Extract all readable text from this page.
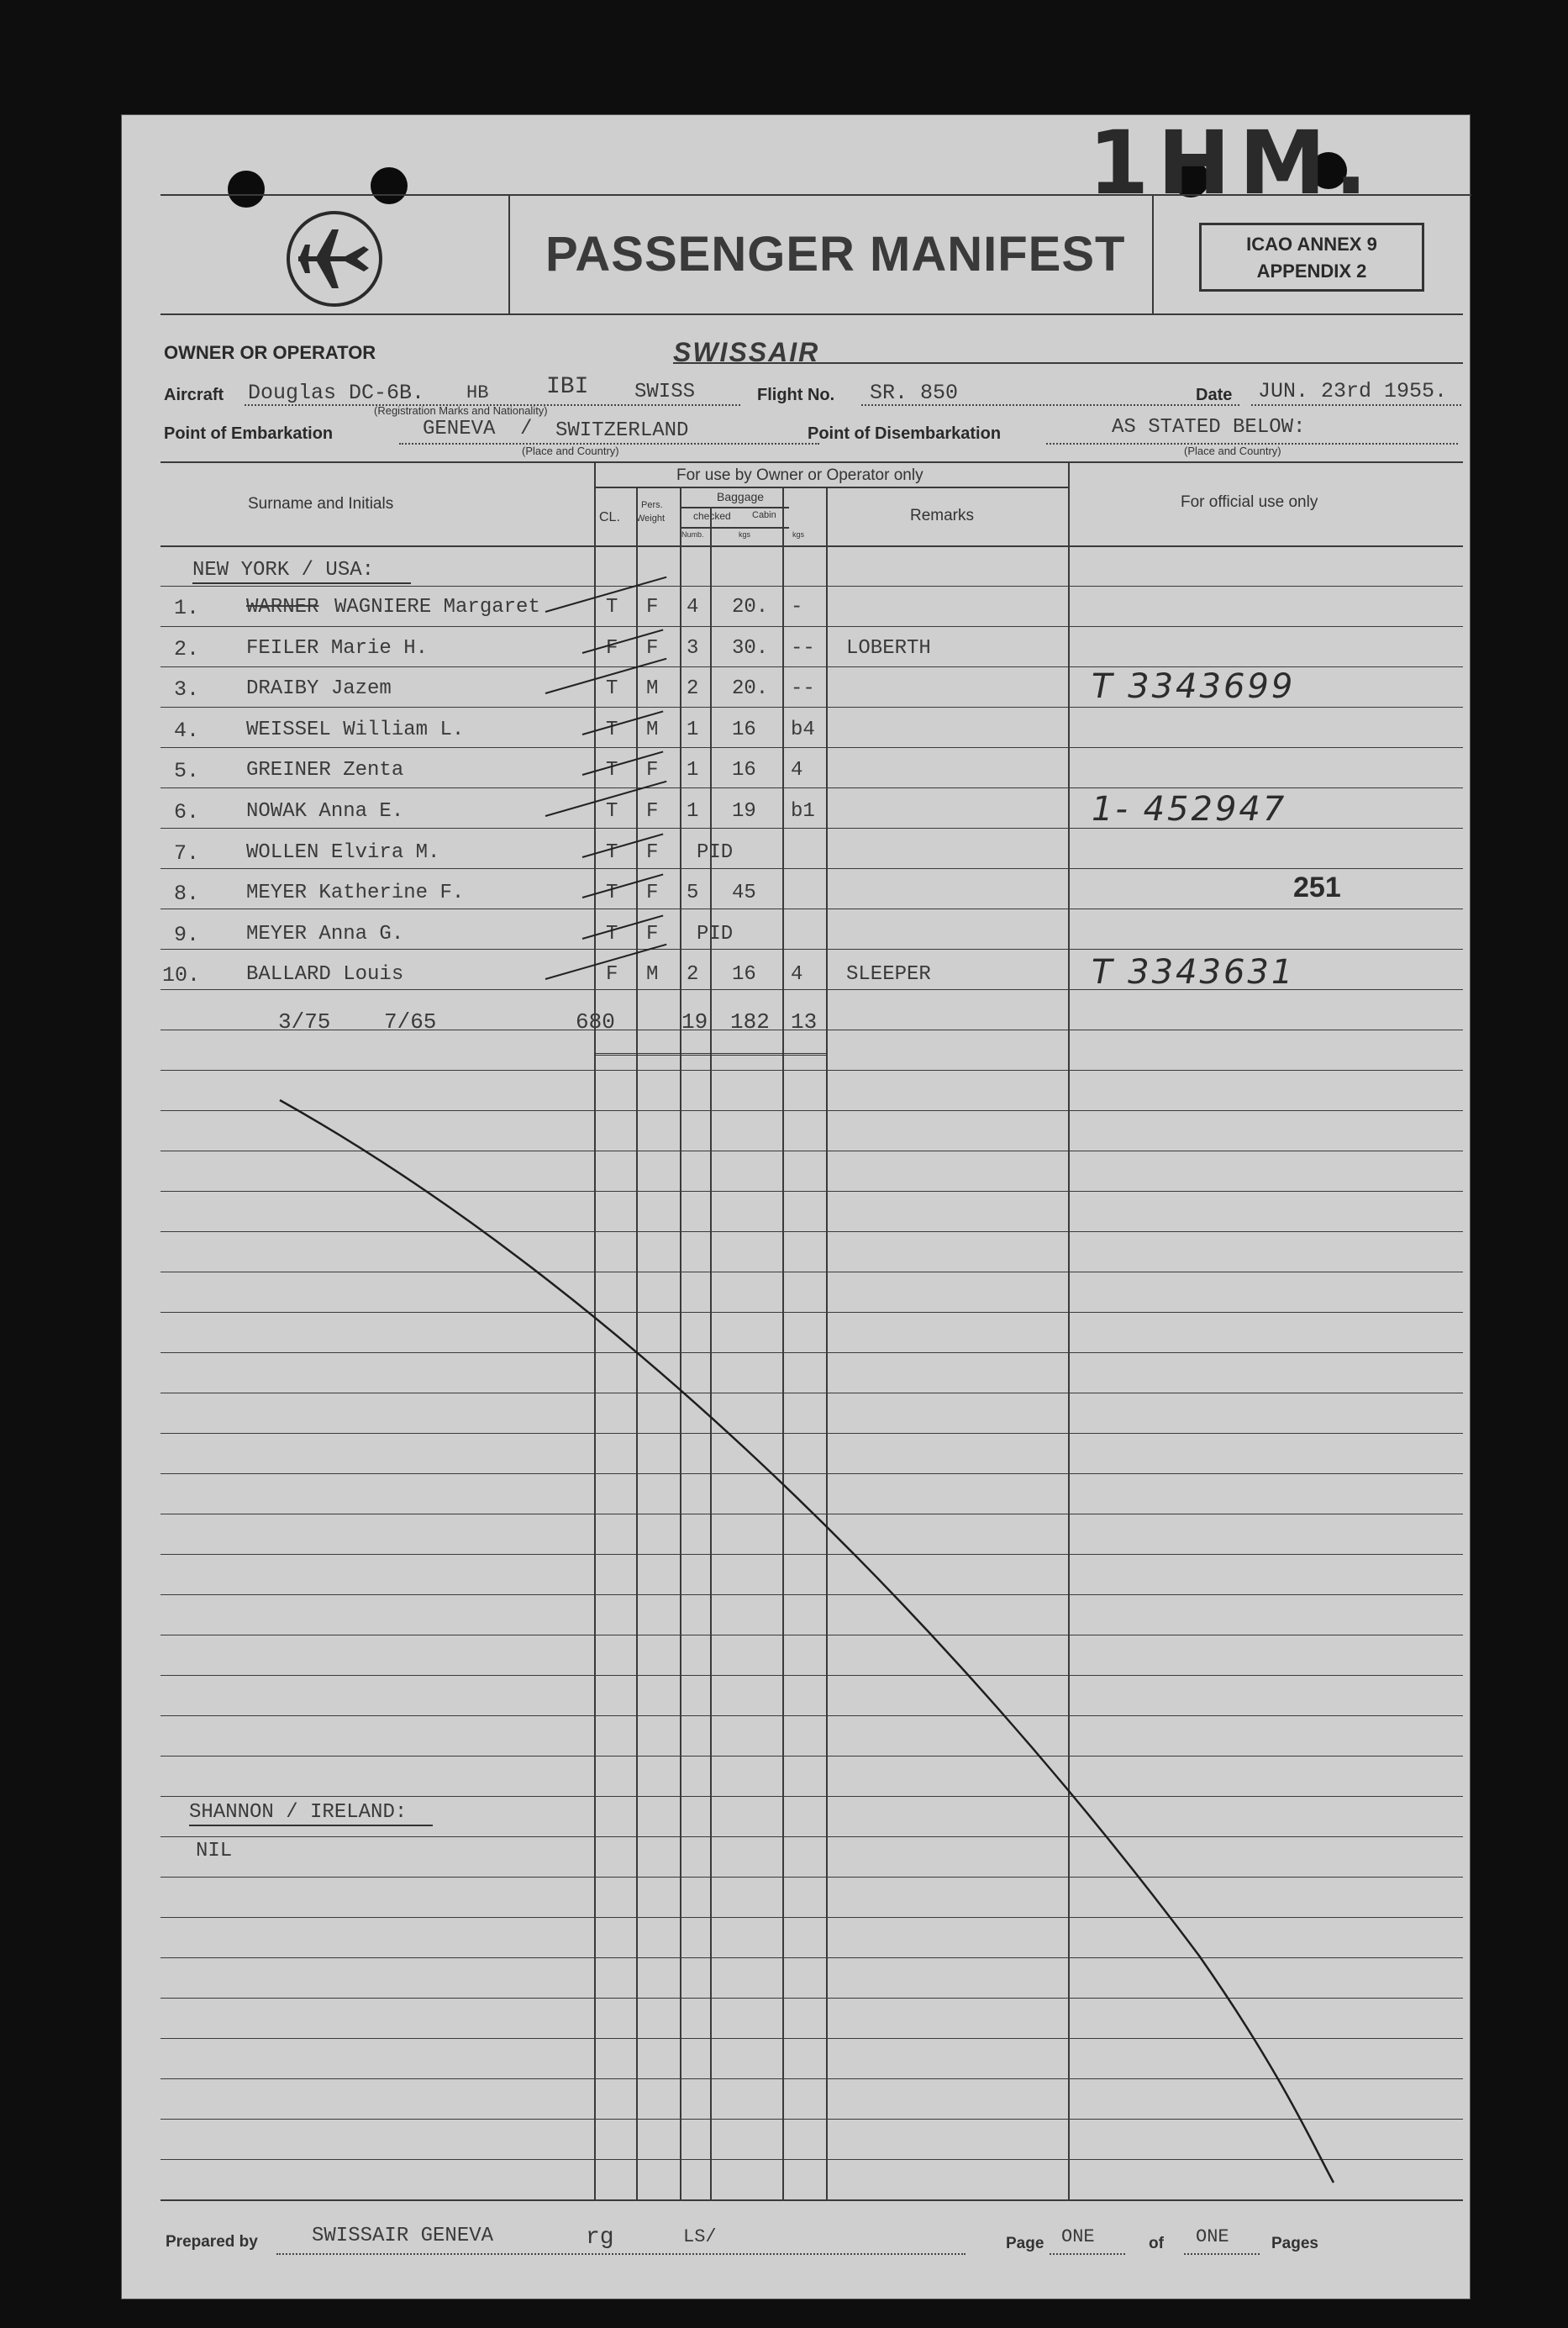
1HM.
PASSENGER MANIFEST	ICAO ANNEX 9
APPENDIX 2
OWNER OR OPERATOR	SWISSAIR
Aircraft Douglas DC-6B. HB IBI SWISS
(Registration Marks and Nationality)
Flight No. SR. 850	Date JUN. 23rd 1955.
Point of Embarkation	GENEVA / SWITZERLAND
(Place and Country)
Point of Disembarkation	AS STATED BELOW:
(Place and Country)
Surname and Initials
For use by Owner or Operator only
CL.
Pers.
Weight
Baggage
checked Cabin
Numb.	kgs	kgs
Remarks
For official use only
NEW YORK / USA:
SHANNON / IRELAND:
NIL
1. WARNER WAGNIERE Margaret	T F 4 20. -
2. FEILER Marie H.	F F 3 30. -- LOBERTH
3. DRAIBY Jazem	T M 2 20. --	T 3343699
4. WEISSEL William L.	T M 1 16 b4
5. GREINER Zenta	T F 1 16 4
6. NOWAK Anna E.	T F 1 19 b1	1- 452947
7. WOLLEN Elvira M.	T F PID
8. MEYER Katherine F.	T F 5 45	251
9. MEYER Anna G.	T F PID
10. BALLARD Louis	F M 2 16 4 SLEEPER	T 3343631
3/75 7/65	680	19 182 13
Prepared by	SWISSAIR GENEVA	rg	LS/	Page ONE	of ONE	Pages
